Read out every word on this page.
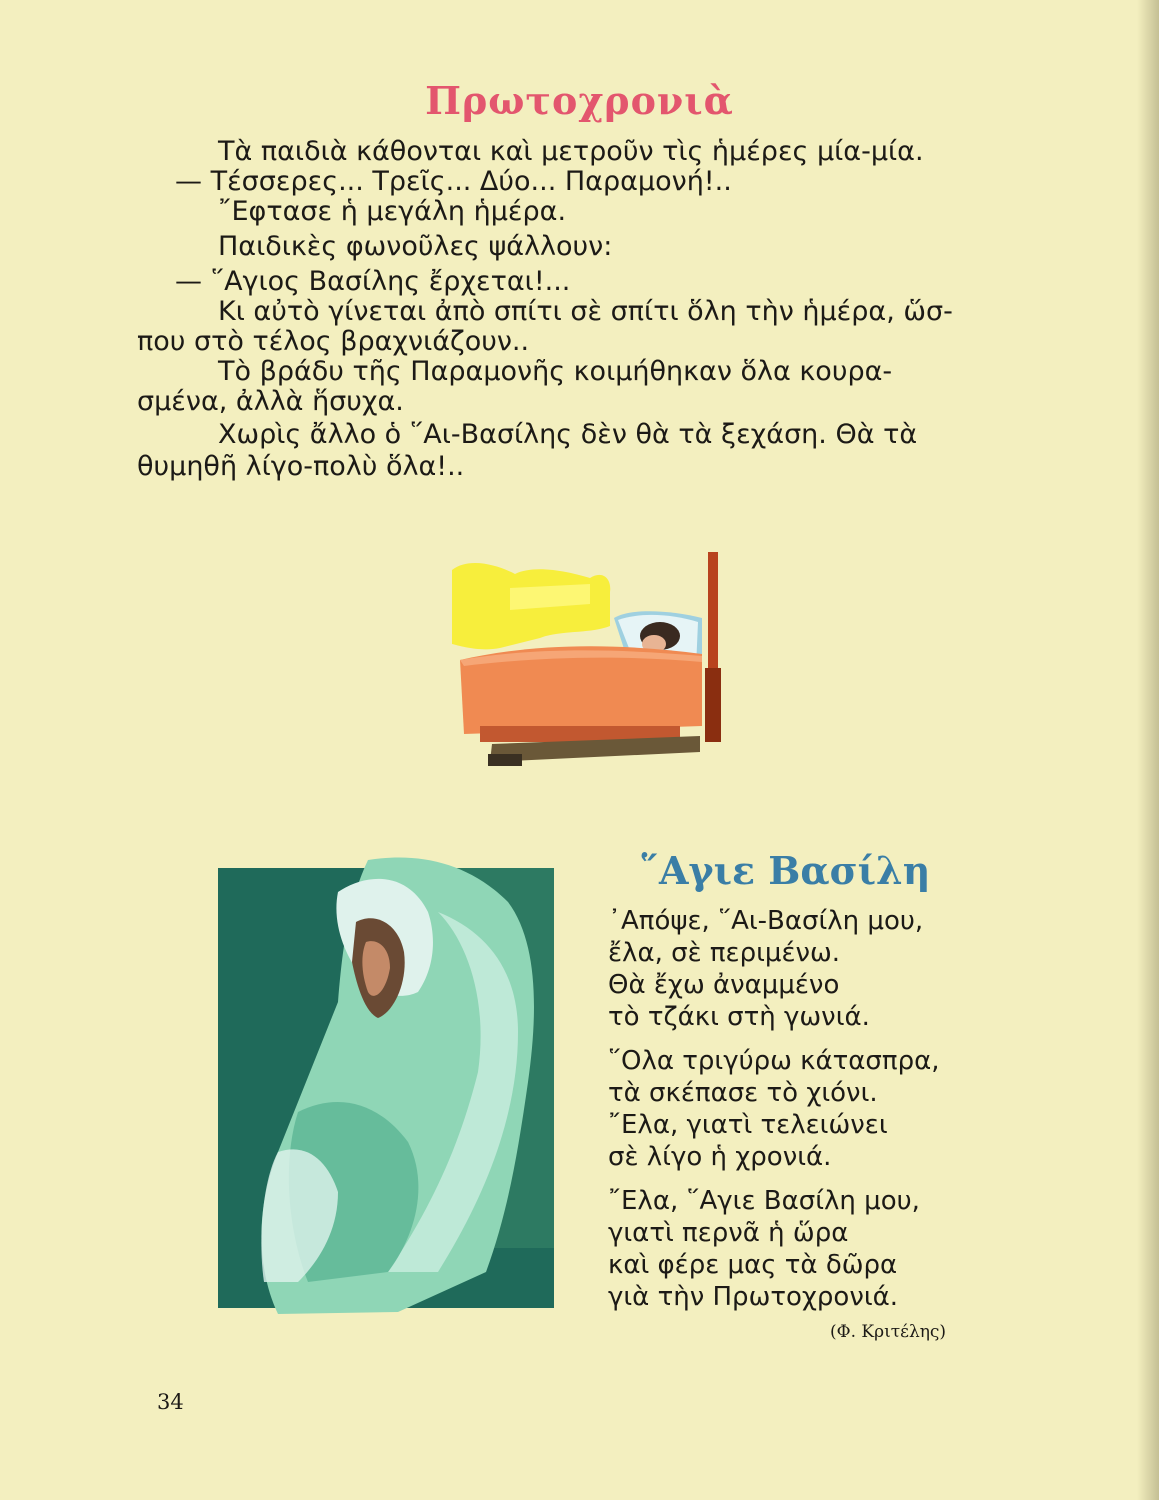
Πρωτοχρονιὰ
Τὰ παιδιὰ κάθονται καὶ μετροῦν τὶς ἡμέρες μία-μία.
— Τέσσερες... Τρεῖς... Δύο... Παραμονή!..
῎Εφτασε ἡ μεγάλη ἡμέρα.
Παιδικὲς φωνοῦλες ψάλλουν:
— ῞Αγιος Βασίλης ἔρχεται!...
Κι αὐτὸ γίνεται ἀπὸ σπίτι σὲ σπίτι ὅλη τὴν ἡμέρα, ὥσ-
που στὸ τέλος βραχνιάζουν..
Τὸ βράδυ τῆς Παραμονῆς κοιμήθηκαν ὅλα κουρα-
σμένα, ἀλλὰ ἥσυχα.
Χωρὶς ἄλλο ὁ ῞Αι-Βασίλης δὲν θὰ τὰ ξεχάση. Θὰ τὰ
θυμηθῆ λίγο-πολὺ ὅλα!..
῞Αγιε Βασίλη
᾿Απόψε, ῞Αι-Βασίλη μου,
ἔλα, σὲ περιμένω.
Θὰ ἔχω ἀναμμένο
τὸ τζάκι στὴ γωνιά.
῞Ολα τριγύρω κάτασπρα,
τὰ σκέπασε τὸ χιόνι.
῎Ελα, γιατὶ τελειώνει
σὲ λίγο ἡ χρονιά.
῎Ελα, ῞Αγιε Βασίλη μου,
γιατὶ περνᾶ ἡ ὥρα
καὶ φέρε μας τὰ δῶρα
γιὰ τὴν Πρωτοχρονιά.
(Φ. Κριτέλης)
34
